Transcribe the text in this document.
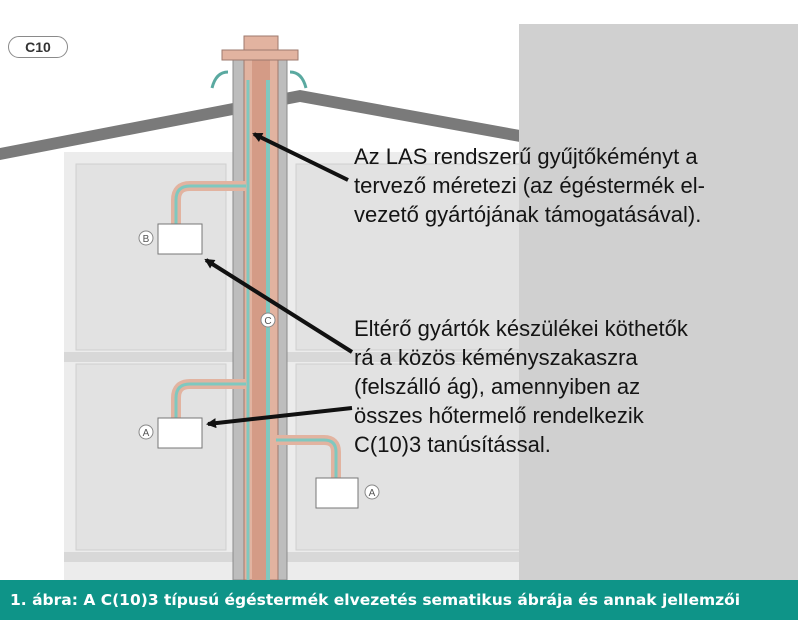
B
C
A
A
C10
Az LAS rendszerű gyűjtőkéményt a
tervező méretezi (az égéstermék el-
vezető gyártójának támogatásával).
Eltérő gyártók készülékei köthetők
rá a közös kéményszakaszra
(felszálló ág), amennyiben az
összes hőtermelő rendelkezik
C(10)3 tanúsítással.
1. ábra: A C(10)3 típusú égéstermék elvezetés sematikus ábrája és annak jellemzői
